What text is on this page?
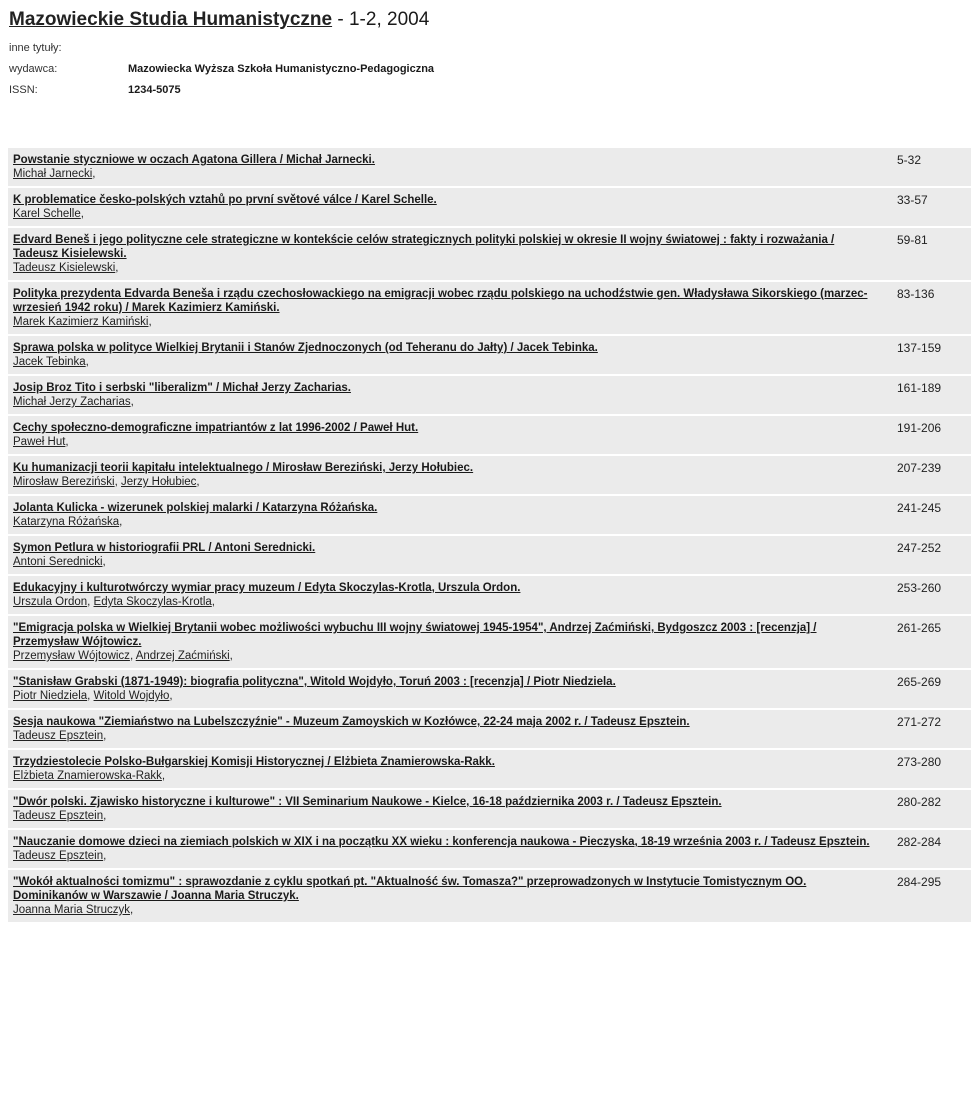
Mazowieckie Studia Humanistyczne - 1-2, 2004
inne tytuły:
wydawca:	Mazowiecka Wyższa Szkoła Humanistyczno-Pedagogiczna
ISSN:	1234-5075
Powstanie styczniowe w oczach Agatona Gillera / Michał Jarnecki.
Michał Jarnecki,	5-32
K problematice česko-polských vztahů po první světové válce / Karel Schelle.
Karel Schelle,	33-57
Edvard Beneš i jego polityczne cele strategiczne w kontekście celów strategicznych polityki polskiej w okresie II wojny światowej : fakty i rozważania / Tadeusz Kisielewski.
Tadeusz Kisielewski,	59-81
Polityka prezydenta Edvarda Beneša i rządu czechosłowackiego na emigracji wobec rządu polskiego na uchodźstwie gen. Władysława Sikorskiego (marzec-wrzesień 1942 roku) / Marek Kazimierz Kamiński.
Marek Kazimierz Kamiński,	83-136
Sprawa polska w polityce Wielkiej Brytanii i Stanów Zjednoczonych (od Teheranu do Jałty) / Jacek Tebinka.
Jacek Tebinka,	137-159
Josip Broz Tito i serbski "liberalizm" / Michał Jerzy Zacharias.
Michał Jerzy Zacharias,	161-189
Cechy społeczno-demograficzne impatriantów z lat 1996-2002 / Paweł Hut.
Paweł Hut,	191-206
Ku humanizacji teorii kapitału intelektualnego / Mirosław Bereziński, Jerzy Hołubiec.
Mirosław Bereziński, Jerzy Hołubiec,	207-239
Jolanta Kulicka - wizerunek polskiej malarki / Katarzyna Różańska.
Katarzyna Różańska,	241-245
Symon Petlura w historiografii PRL / Antoni Serednicki.
Antoni Serednicki,	247-252
Edukacyjny i kulturotwórczy wymiar pracy muzeum / Edyta Skoczylas-Krotla, Urszula Ordon.
Urszula Ordon, Edyta Skoczylas-Krotla,	253-260
"Emigracja polska w Wielkiej Brytanii wobec możliwości wybuchu III wojny światowej 1945-1954", Andrzej Zaćmiński, Bydgoszcz 2003 : [recenzja] / Przemysław Wójtowicz.
Przemysław Wójtowicz, Andrzej Zaćmiński,	261-265
"Stanisław Grabski (1871-1949): biografia polityczna", Witold Wojdyło, Toruń 2003 : [recenzja] / Piotr Niedziela.
Piotr Niedziela, Witold Wojdyło,	265-269
Sesja naukowa "Ziemiaństwo na Lubelszczyźnie" - Muzeum Zamoyskich w Kozłówce, 22-24 maja 2002 r. / Tadeusz Epsztein.
Tadeusz Epsztein,	271-272
Trzydziestolecie Polsko-Bułgarskiej Komisji Historycznej / Elżbieta Znamierowska-Rakk.
Elżbieta Znamierowska-Rakk,	273-280
"Dwór polski. Zjawisko historyczne i kulturowe" : VII Seminarium Naukowe - Kielce, 16-18 października 2003 r. / Tadeusz Epsztein.
Tadeusz Epsztein,	280-282
"Nauczanie domowe dzieci na ziemiach polskich w XIX i na początku XX wieku : konferencja naukowa - Pieczyska, 18-19 września 2003 r. / Tadeusz Epsztein.
Tadeusz Epsztein,	282-284
"Wokół aktualności tomizmu" : sprawozdanie z cyklu spotkań pt. "Aktualność św. Tomasza?" przeprowadzonych w Instytucie Tomistycznym OO. Dominikanów w Warszawie / Joanna Maria Struczyk.
Joanna Maria Struczyk,	284-295
